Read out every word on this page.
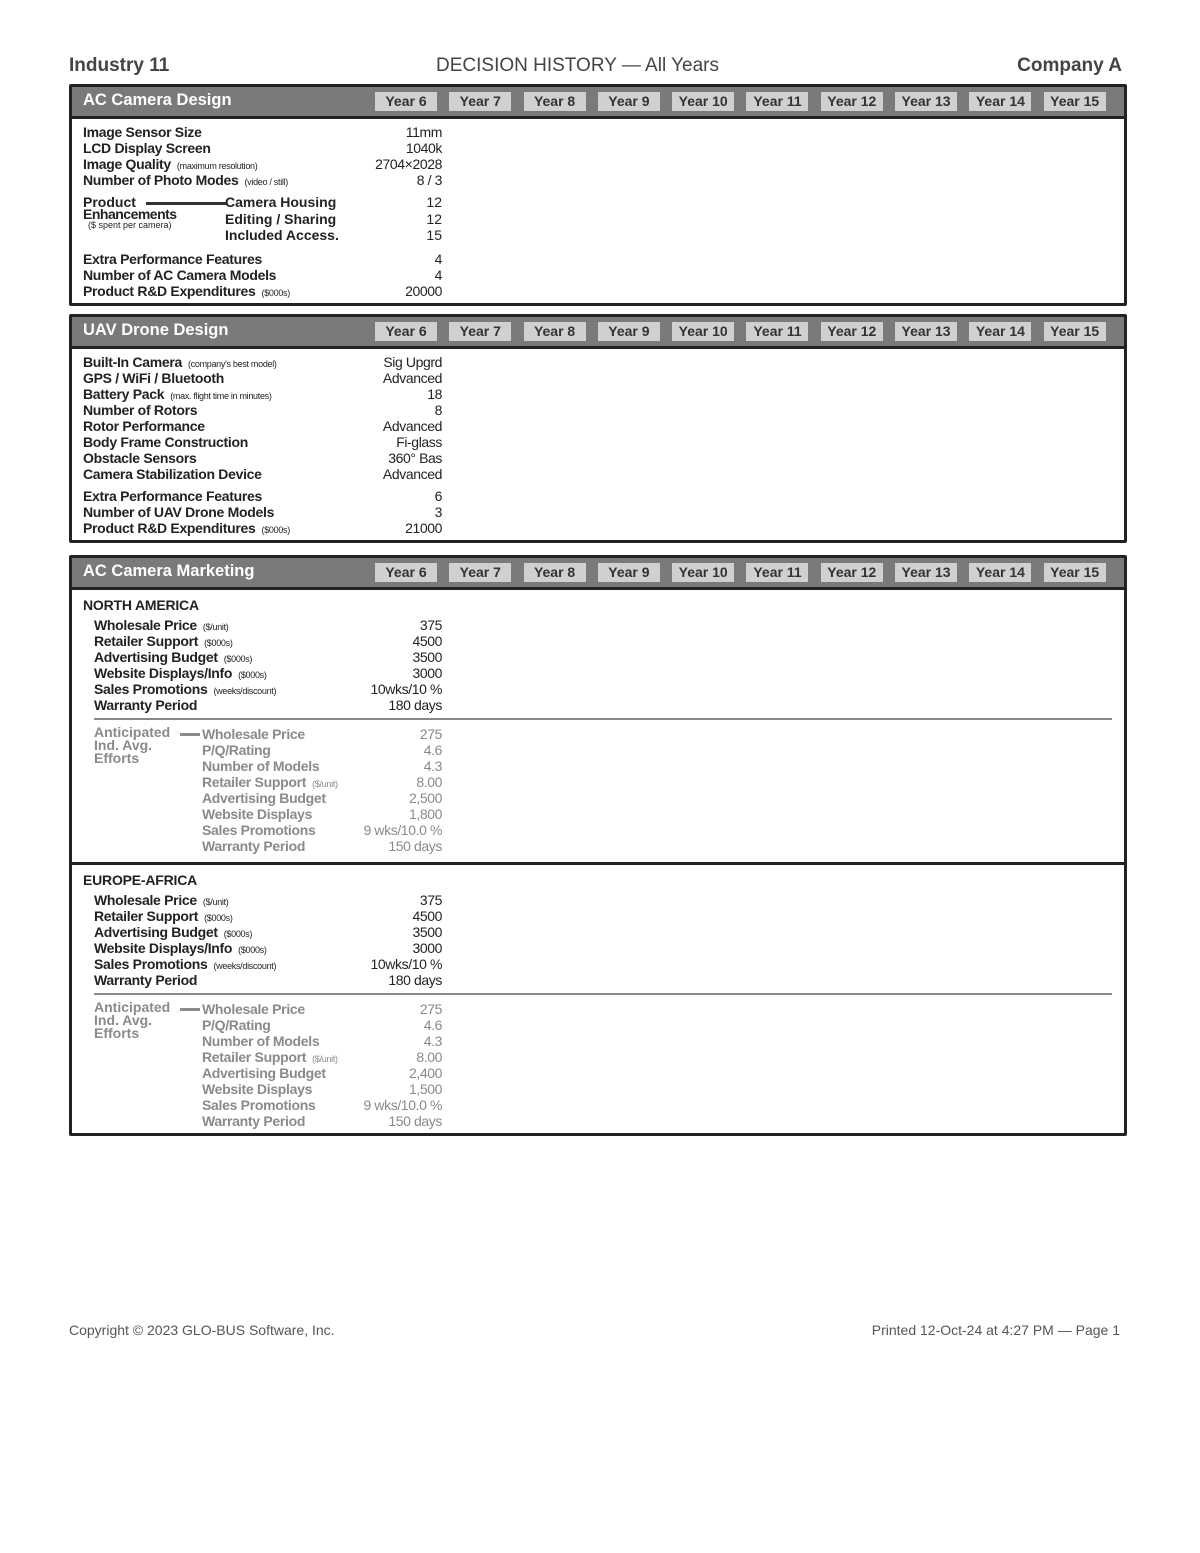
Industry 11	DECISION HISTORY — All Years	Company A
AC Camera Design	Year 6	Year 7	Year 8	Year 9	Year 10	Year 11	Year 12	Year 13	Year 14	Year 15
Image Sensor Size	11mm
LCD Display Screen	1040k
Image Quality (maximum resolution)	2704×2028
Number of Photo Modes (video / still)	8 / 3
Product
Enhancements
($ spent per camera)
Camera Housing	12
Editing / Sharing	12
Included Access.	15
Extra Performance Features	4
Number of AC Camera Models	4
Product R&D Expenditures ($000s)	20000
UAV Drone Design	Year 6	Year 7	Year 8	Year 9	Year 10	Year 11	Year 12	Year 13	Year 14	Year 15
Built-In Camera (company's best model)	Sig Upgrd
GPS / WiFi / Bluetooth	Advanced
Battery Pack (max. flight time in minutes)	18
Number of Rotors	8
Rotor Performance	Advanced
Body Frame Construction	Fi-glass
Obstacle Sensors	360° Bas
Camera Stabilization Device	Advanced
Extra Performance Features	6
Number of UAV Drone Models	3
Product R&D Expenditures ($000s)	21000
AC Camera Marketing	Year 6	Year 7	Year 8	Year 9	Year 10	Year 11	Year 12	Year 13	Year 14	Year 15
NORTH AMERICA
Wholesale Price ($/unit)	375
Retailer Support ($000s)	4500
Advertising Budget ($000s)	3500
Website Displays/Info ($000s)	3000
Sales Promotions (weeks/discount)	10wks/10 %
Warranty Period	180 days
Anticipated
Ind. Avg.
Efforts
Wholesale Price	275
P/Q/Rating	4.6
Number of Models	4.3
Retailer Support ($/unit)	8.00
Advertising Budget	2,500
Website Displays	1,800
Sales Promotions	9 wks/10.0 %
Warranty Period	150 days
EUROPE-AFRICA
Wholesale Price ($/unit)	375
Retailer Support ($000s)	4500
Advertising Budget ($000s)	3500
Website Displays/Info ($000s)	3000
Sales Promotions (weeks/discount)	10wks/10 %
Warranty Period	180 days
Anticipated
Ind. Avg.
Efforts
Wholesale Price	275
P/Q/Rating	4.6
Number of Models	4.3
Retailer Support ($/unit)	8.00
Advertising Budget	2,400
Website Displays	1,500
Sales Promotions	9 wks/10.0 %
Warranty Period	150 days
Copyright © 2023 GLO-BUS Software, Inc.	Printed 12-Oct-24 at 4:27 PM — Page 1
